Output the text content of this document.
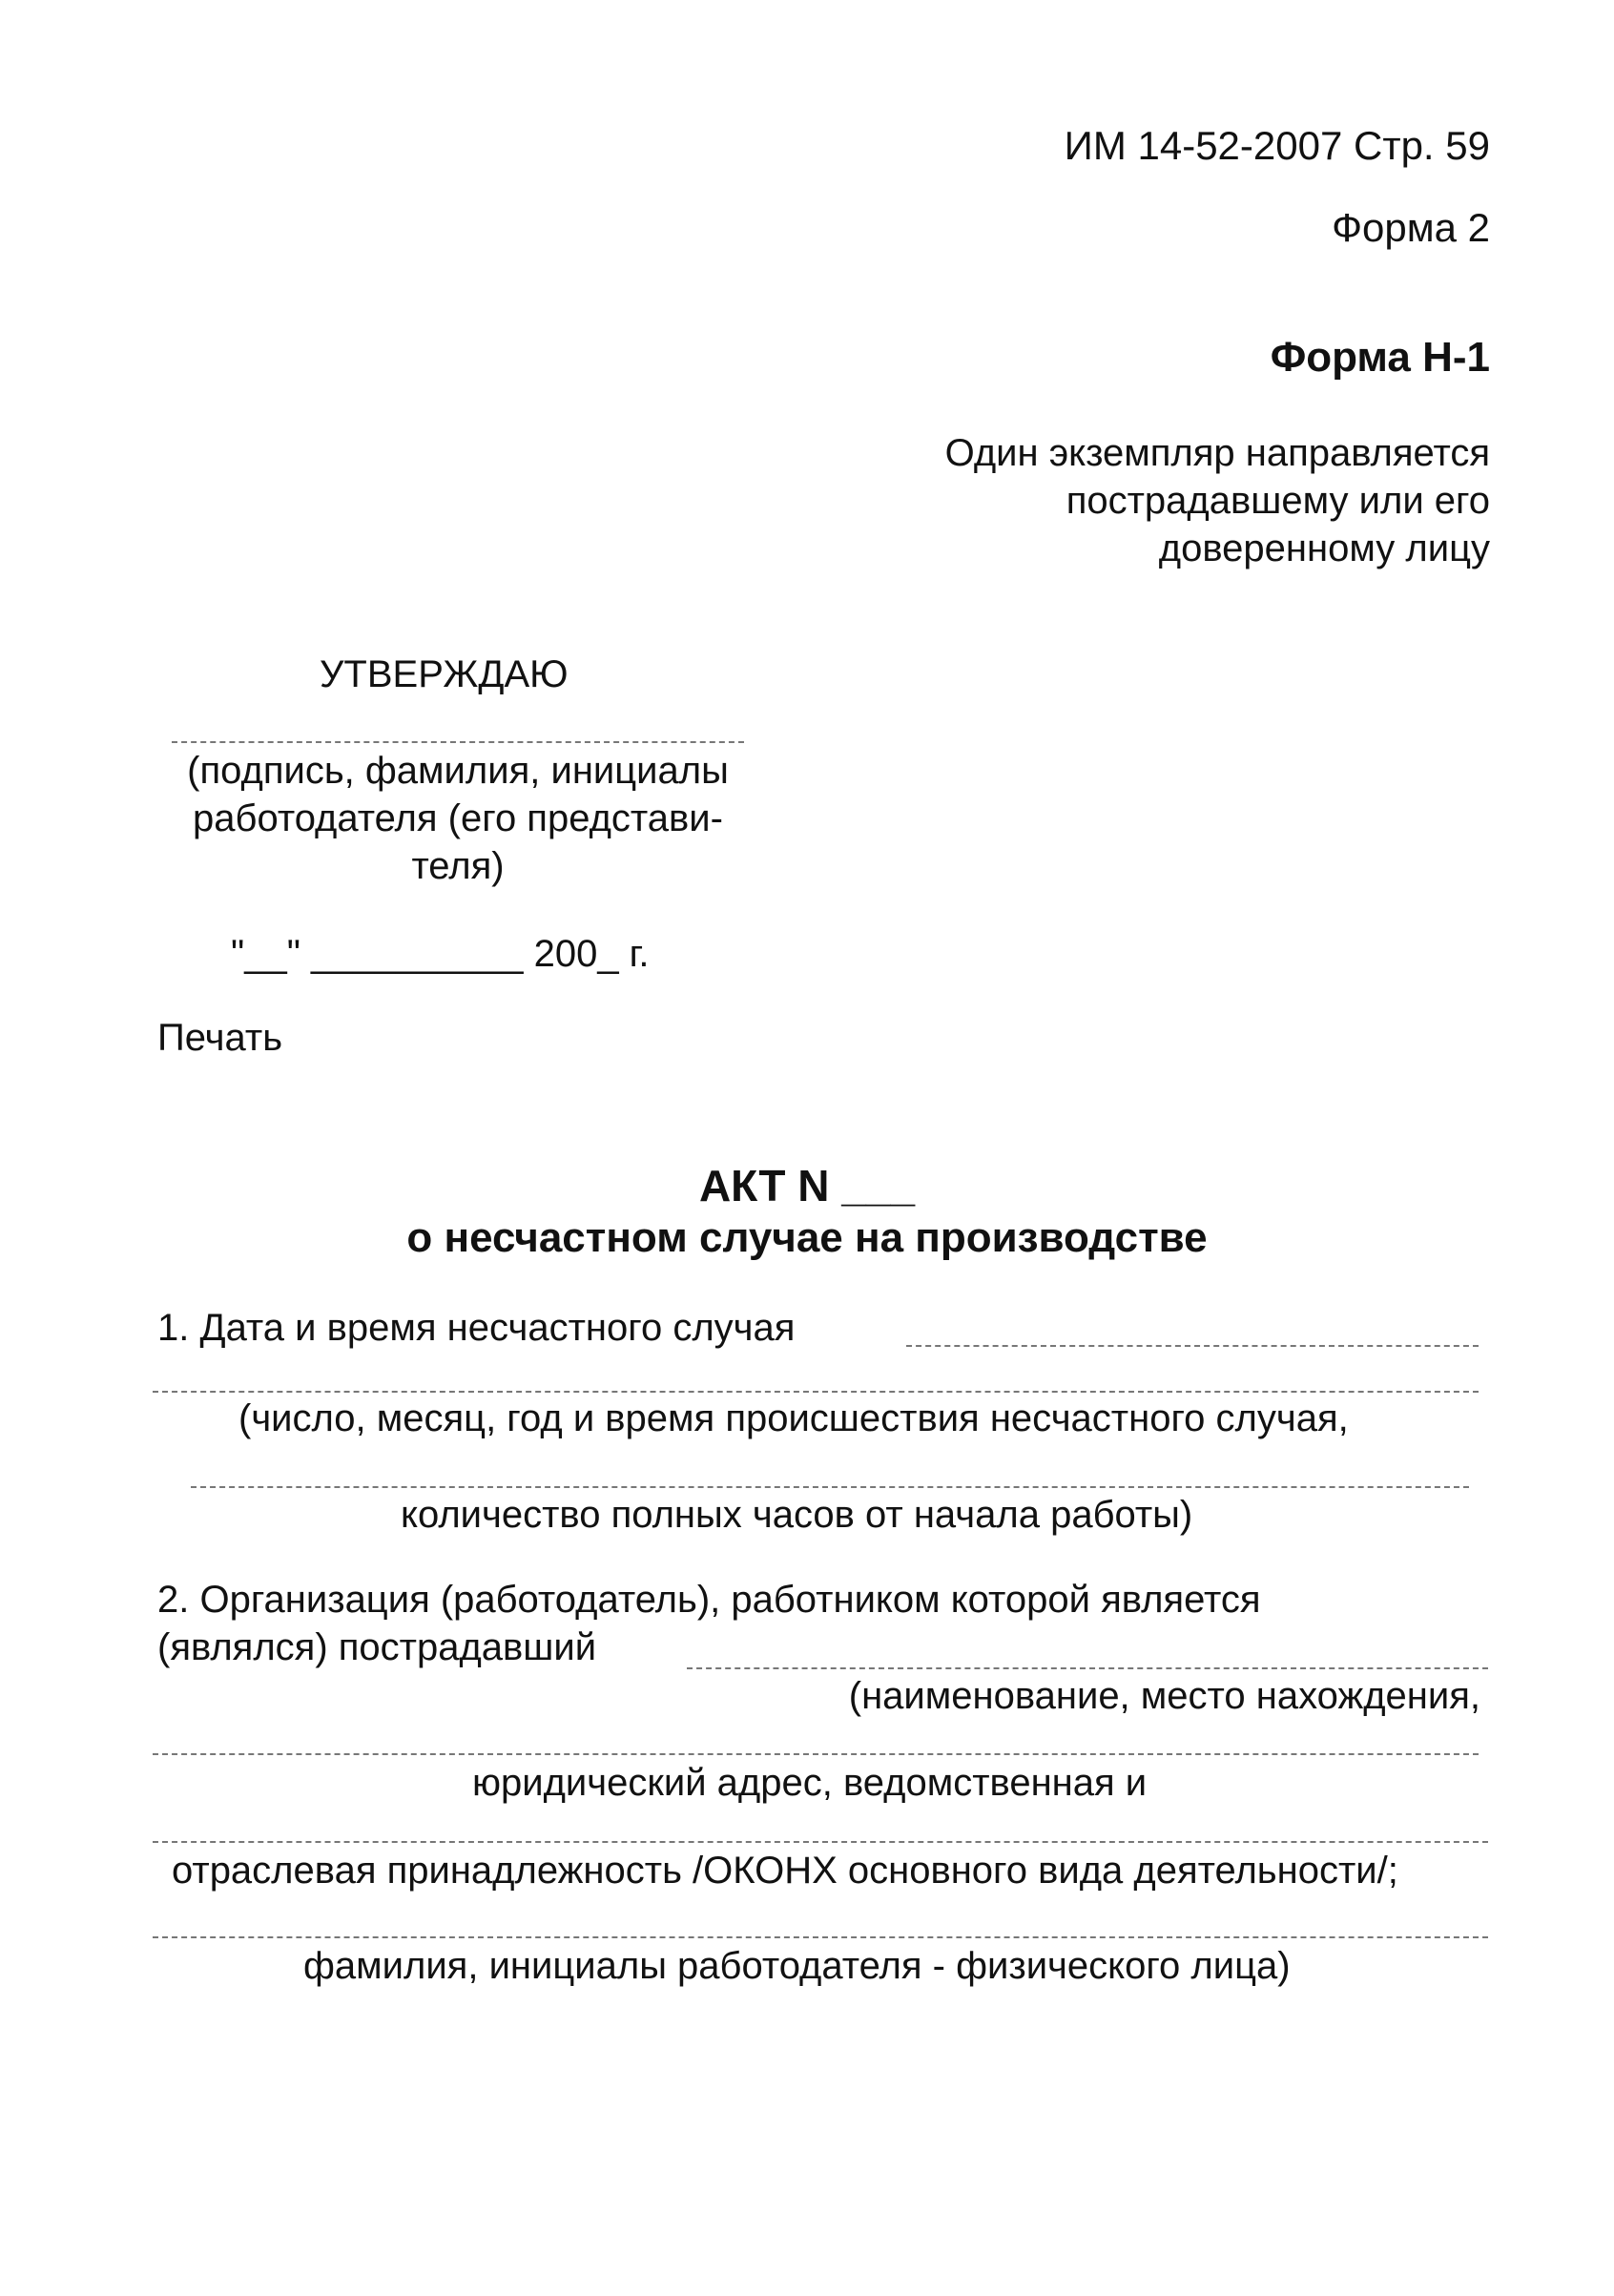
ИМ 14-52-2007 Стр. 59
Форма 2
Форма Н-1
Один экземпляр направляется
пострадавшему или его
доверенному лицу
УТВЕРЖДАЮ
(подпись, фамилия, инициалы
работодателя (его представи-
теля)
"__" __________ 200_ г.
Печать
АКТ N ___
о несчастном случае на производстве
1. Дата и время несчастного случая
(число, месяц, год и время происшествия несчастного случая,
количество полных часов от начала работы)
2. Организация (работодатель), работником которой является
(являлся) пострадавший
(наименование, место нахождения,
юридический адрес, ведомственная и
отраслевая принадлежность /ОКОНХ основного вида деятельности/;
фамилия, инициалы работодателя - физического лица)
